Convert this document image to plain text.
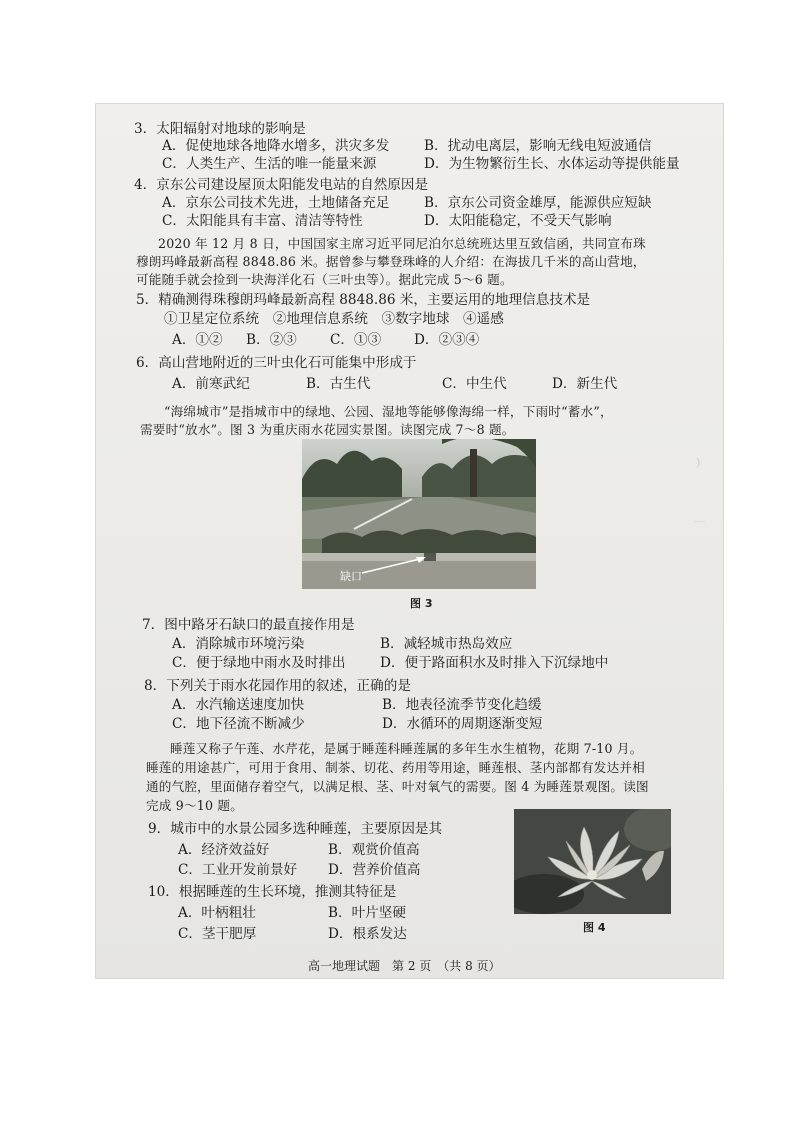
)
＿
3．太阳辐射对地球的影响是
A．促使地球各地降水增多，洪灾多发	B．扰动电离层，影响无线电短波通信
C．人类生产、生活的唯一能量来源	D．为生物繁衍生长、水体运动等提供能量
4．京东公司建设屋顶太阳能发电站的自然原因是
A．京东公司技术先进，土地储备充足	B．京东公司资金雄厚，能源供应短缺
C．太阳能具有丰富、清洁等特性	D．太阳能稳定，不受天气影响
2020 年 12 月 8 日，中国国家主席习近平同尼泊尔总统班达里互致信函，共同宣布珠
穆朗玛峰最新高程 8848.86 米。据曾参与攀登珠峰的人介绍：在海拔几千米的高山营地，
可能随手就会捡到一块海洋化石（三叶虫等）。据此完成 5～6 题。
5．精确测得珠穆朗玛峰最新高程 8848.86 米，主要运用的地理信息技术是
①卫星定位系统　②地理信息系统　③数字地球　④遥感
A．①② B．②③ C．①③ D．②③④
6．高山营地附近的三叶虫化石可能集中形成于
A．前寒武纪	B．古生代	C．中生代	D．新生代
“海绵城市”是指城市中的绿地、公园、湿地等能够像海绵一样，下雨时“蓄水”，
需要时“放水”。图 3 为重庆雨水花园实景图。读图完成 7～8 题。
缺口
图 3
7．图中路牙石缺口的最直接作用是
A．消除城市环境污染	B．减轻城市热岛效应
C．便于绿地中雨水及时排出	D．便于路面积水及时排入下沉绿地中
8．下列关于雨水花园作用的叙述，正确的是
A．水汽输送速度加快	B．地表径流季节变化趋缓
C．地下径流不断减少	D．水循环的周期逐渐变短
睡莲又称子午莲、水芹花，是属于睡莲科睡莲属的多年生水生植物，花期 7-10 月。
睡莲的用途甚广，可用于食用、制茶、切花、药用等用途，睡莲根、茎内部都有发达并相
通的气腔，里面储存着空气，以满足根、茎、叶对氧气的需要。图 4 为睡莲景观图。读图
完成 9～10 题。
9．城市中的水景公园多选种睡莲，主要原因是其
A．经济效益好	B．观赏价值高
C．工业开发前景好 D．营养价值高
10．根据睡莲的生长环境，推测其特征是
A．叶柄粗壮	B．叶片坚硬
C．茎干肥厚	D．根系发达	图 4
高一地理试题　第 2 页　（共 8 页）
